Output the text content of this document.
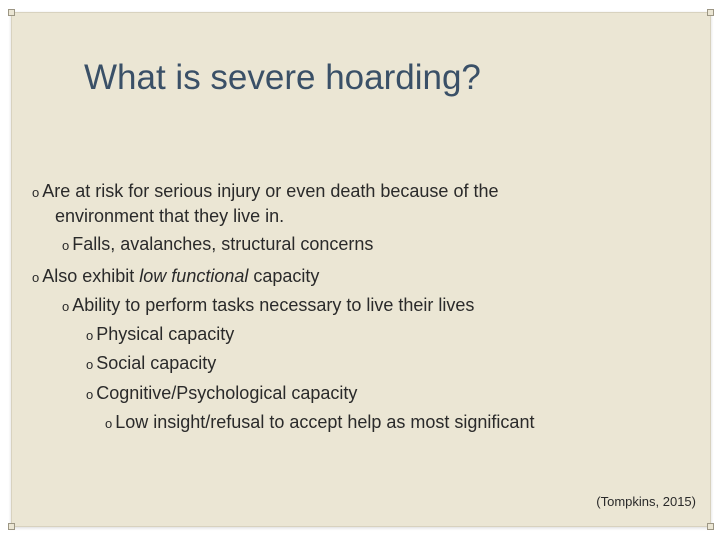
What is severe hoarding?
o Are at risk for serious injury or even death because of the
environment that they live in.
o Falls, avalanches, structural concerns
o Also exhibit low functional capacity
o Ability to perform tasks necessary to live their lives
o Physical capacity
o Social capacity
o Cognitive/Psychological capacity
o Low insight/refusal to accept help as most significant
(Tompkins, 2015)
